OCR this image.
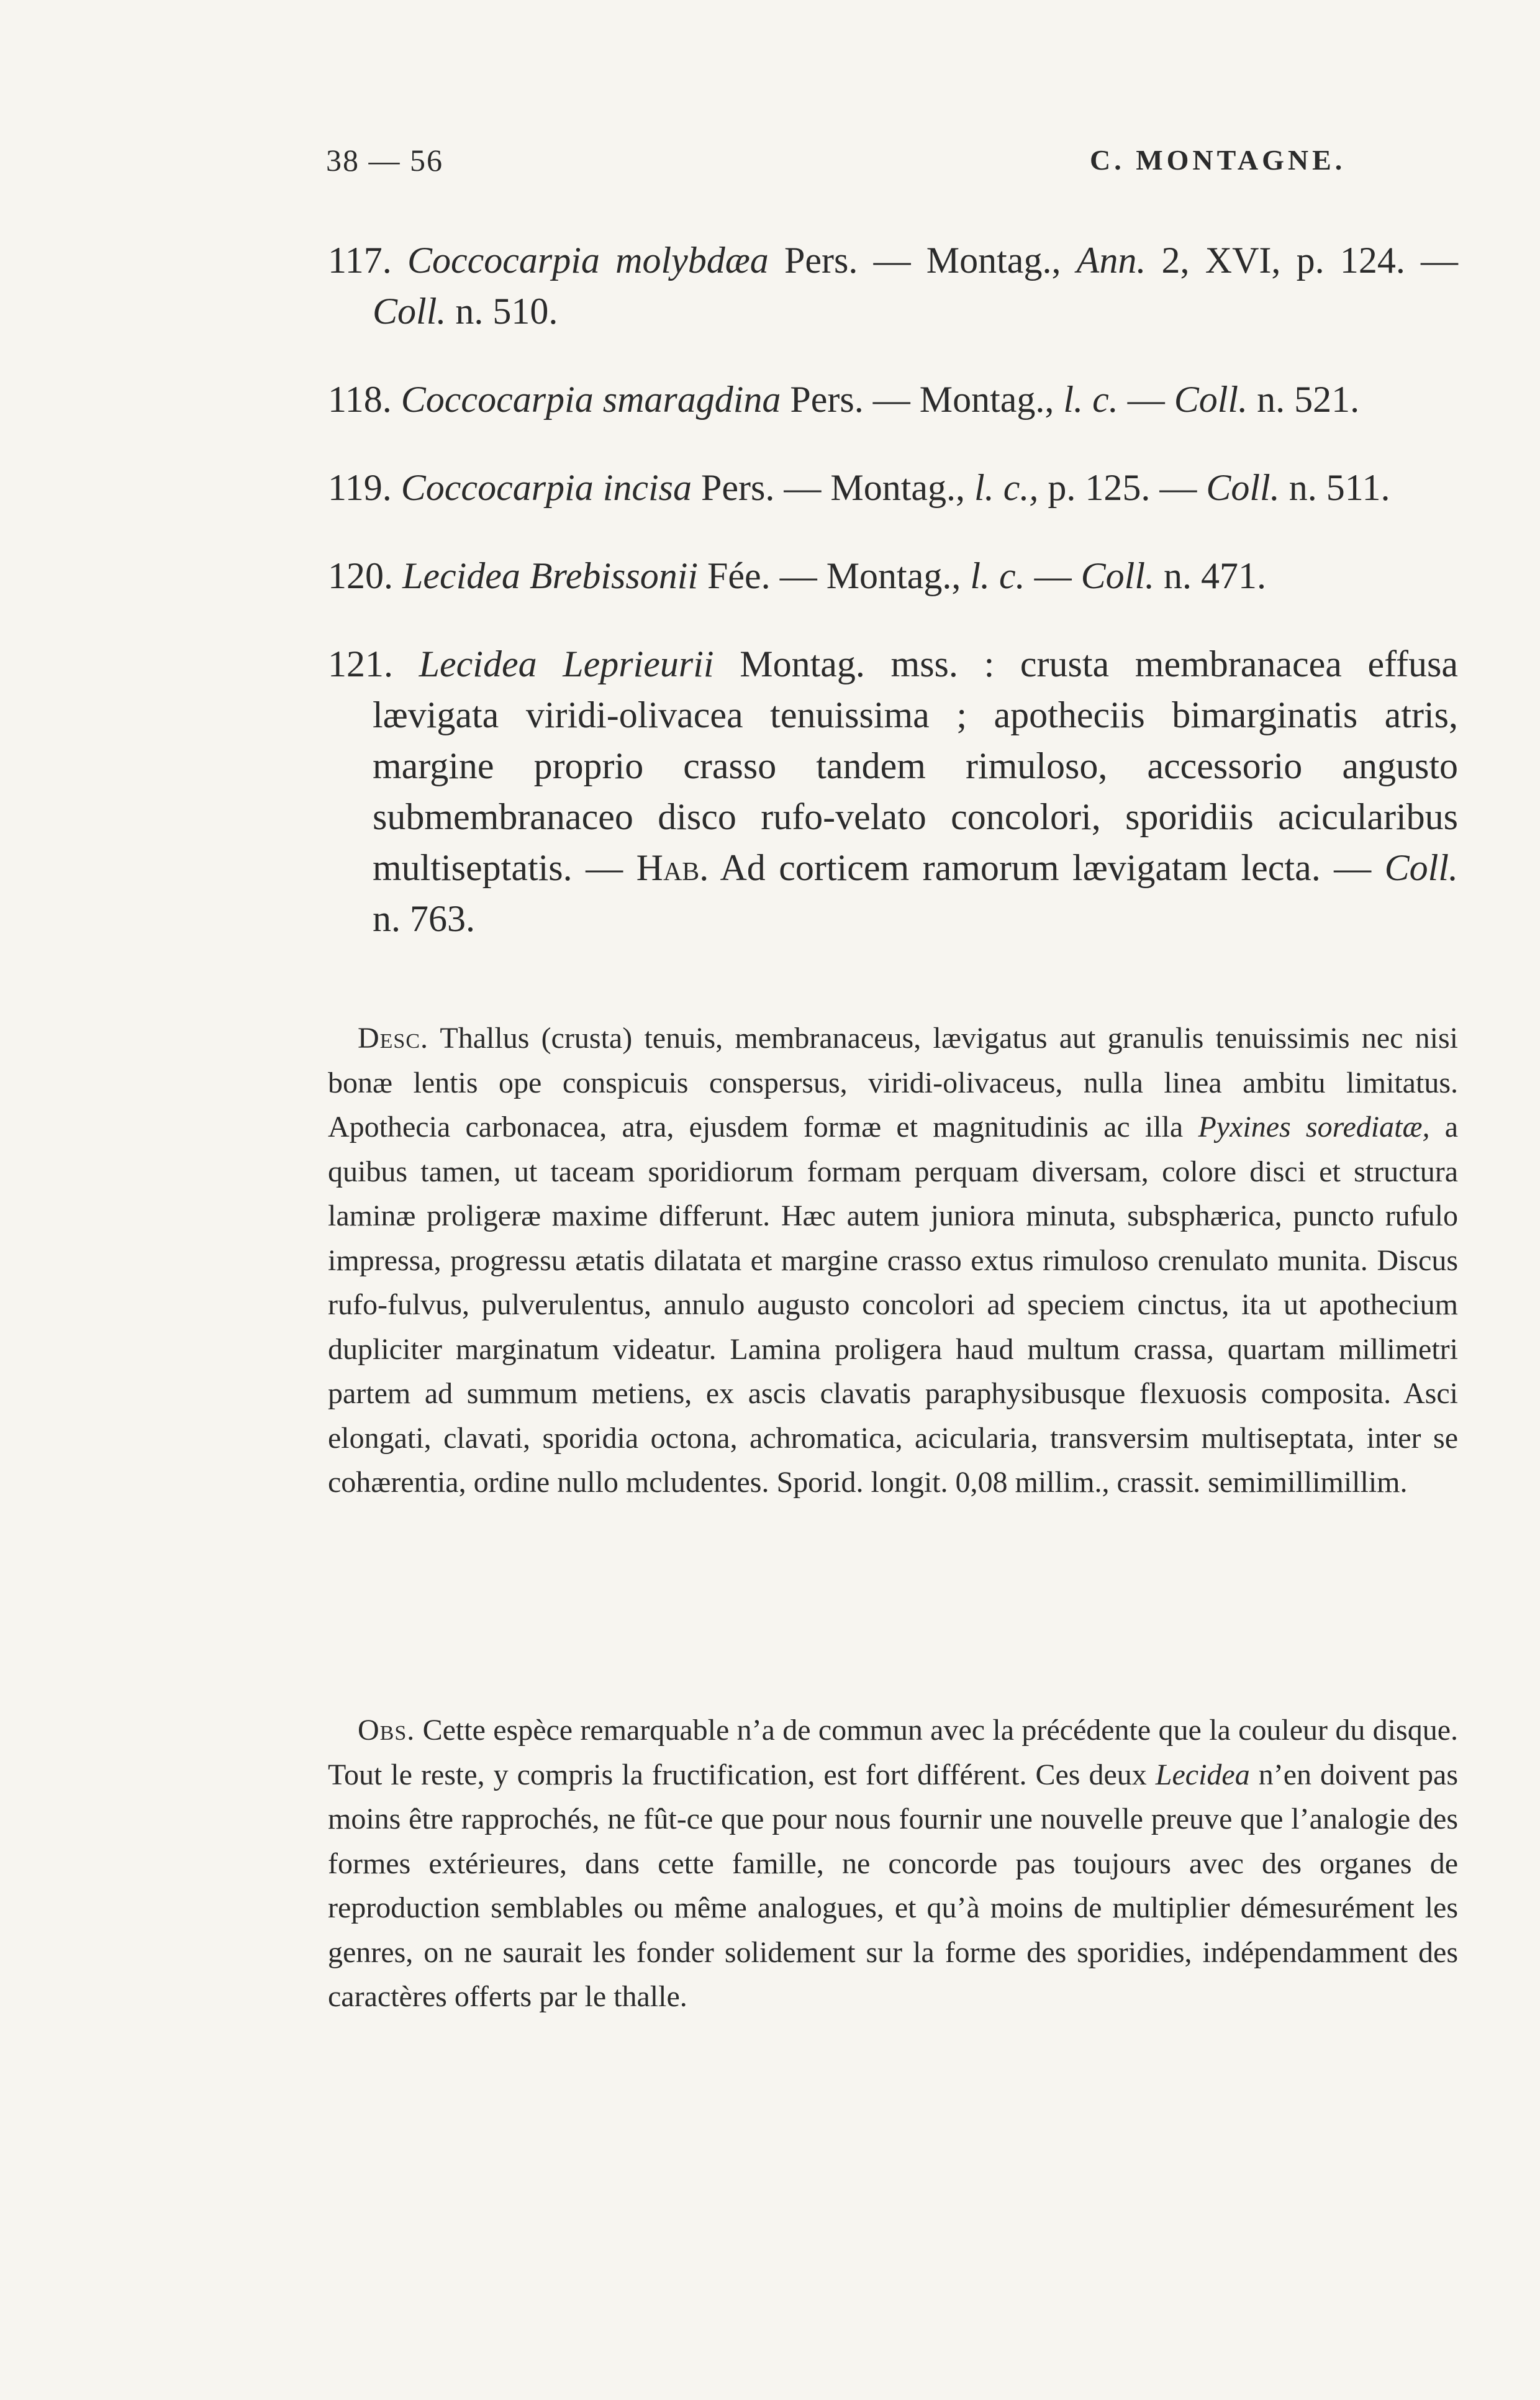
38 — 56	C. MONTAGNE.

117. Coccocarpia molybdæa Pers. — Montag., Ann. 2, XVI, p. 124. — Coll. n. 510.

118. Coccocarpia smaragdina Pers. — Montag., l. c. — Coll. n. 521.

119. Coccocarpia incisa Pers. — Montag., l. c., p. 125. — Coll. n. 511.

120. Lecidea Brebissonii Fée. — Montag., l. c. — Coll. n. 471.

121. Lecidea Leprieurii Montag. mss. : crusta membranacea effusa lævigata viridi-olivacea tenuissima ; apotheciis bimarginatis atris, margine proprio crasso tandem rimuloso, accessorio angusto submembranaceo disco rufo-velato concolori, sporidiis acicularibus multiseptatis. — Hab. Ad corticem ramorum lævigatam lecta. — Coll. n. 763.

Desc. Thallus (crusta) tenuis, membranaceus, lævigatus aut granulis tenuissimis nec nisi bonæ lentis ope conspicuis conspersus, viridi-olivaceus, nulla linea ambitu limitatus. Apothecia carbonacea, atra, ejusdem formæ et magnitudinis ac illa Pyxines sorediatæ, a quibus tamen, ut taceam sporidiorum formam perquam diversam, colore disci et structura laminæ proligeræ maxime differunt. Hæc autem juniora minuta, subsphærica, puncto rufulo impressa, progressu ætatis dilatata et margine crasso extus rimuloso crenulato munita. Discus rufo-fulvus, pulverulentus, annulo augusto concolori ad speciem cinctus, ita ut apothecium dupliciter marginatum videatur. Lamina proligera haud multum crassa, quartam millimetri partem ad summum metiens, ex ascis clavatis paraphysibusque flexuosis composita. Asci elongati, clavati, sporidia octona, achromatica, acicularia, transversim multiseptata, inter se cohærentia, ordine nullo mcludentes. Sporid. longit. 0,08 millim., crassit. semimillimillim.

Obs. Cette espèce remarquable n’a de commun avec la précédente que la couleur du disque. Tout le reste, y compris la fructification, est fort différent. Ces deux Lecidea n’en doivent pas moins être rapprochés, ne fût-ce que pour nous fournir une nouvelle preuve que l’analogie des formes extérieures, dans cette famille, ne concorde pas toujours avec des organes de reproduction semblables ou même analogues, et qu’à moins de multiplier démesurément les genres, on ne saurait les fonder solidement sur la forme des sporidies, indépendamment des caractères offerts par le thalle.
